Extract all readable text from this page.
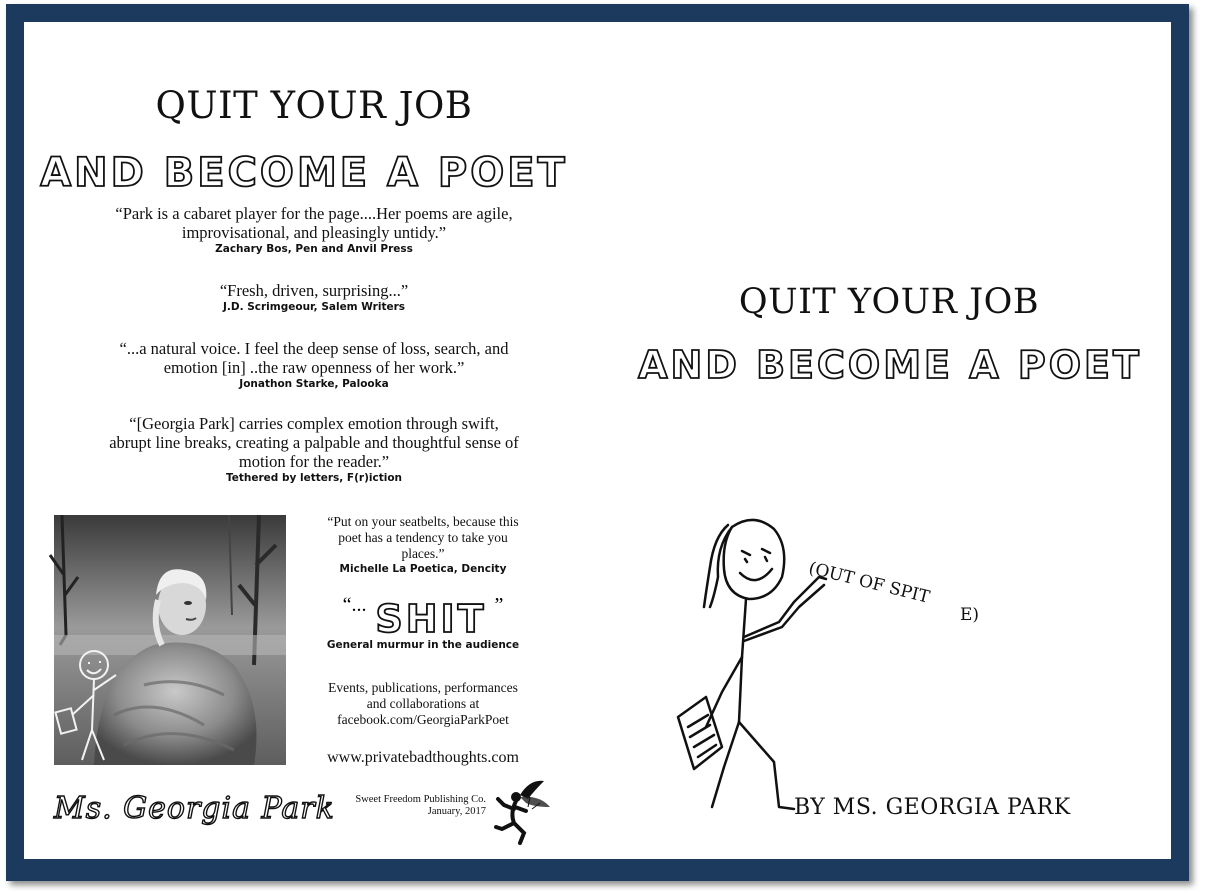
QUIT YOUR JOB
AND BECOME A POET
“Park is a cabaret player for the page....Her poems are agile,
improvisational, and pleasingly untidy.”
Zachary Bos, Pen and Anvil Press
“Fresh, driven, surprising...”
J.D. Scrimgeour, Salem Writers
“...a natural voice. I feel the deep sense of loss, search, and
emotion [in] ..the raw openness of her work.”
Jonathon Starke, Palooka
“[Georgia Park] carries complex emotion through swift,
abrupt line breaks, creating a palpable and thoughtful sense of
motion for the reader.”
Tethered by letters, F(r)iction
“Put on your seatbelts, because this
poet has a tendency to take you
places.”
Michelle La Poetica, Dencity
“... SHIT ”
General murmur in the audience
Events, publications, performances
and collaborations at
facebook.com/GeorgiaParkPoet
www.privatebadthoughts.com
Ms. Georgia Park	Sweet Freedom Publishing Co.
January, 2017
QUIT YOUR JOB
AND BECOME A POET
(OUT OF SPIT
E)
BY MS. GEORGIA PARK
